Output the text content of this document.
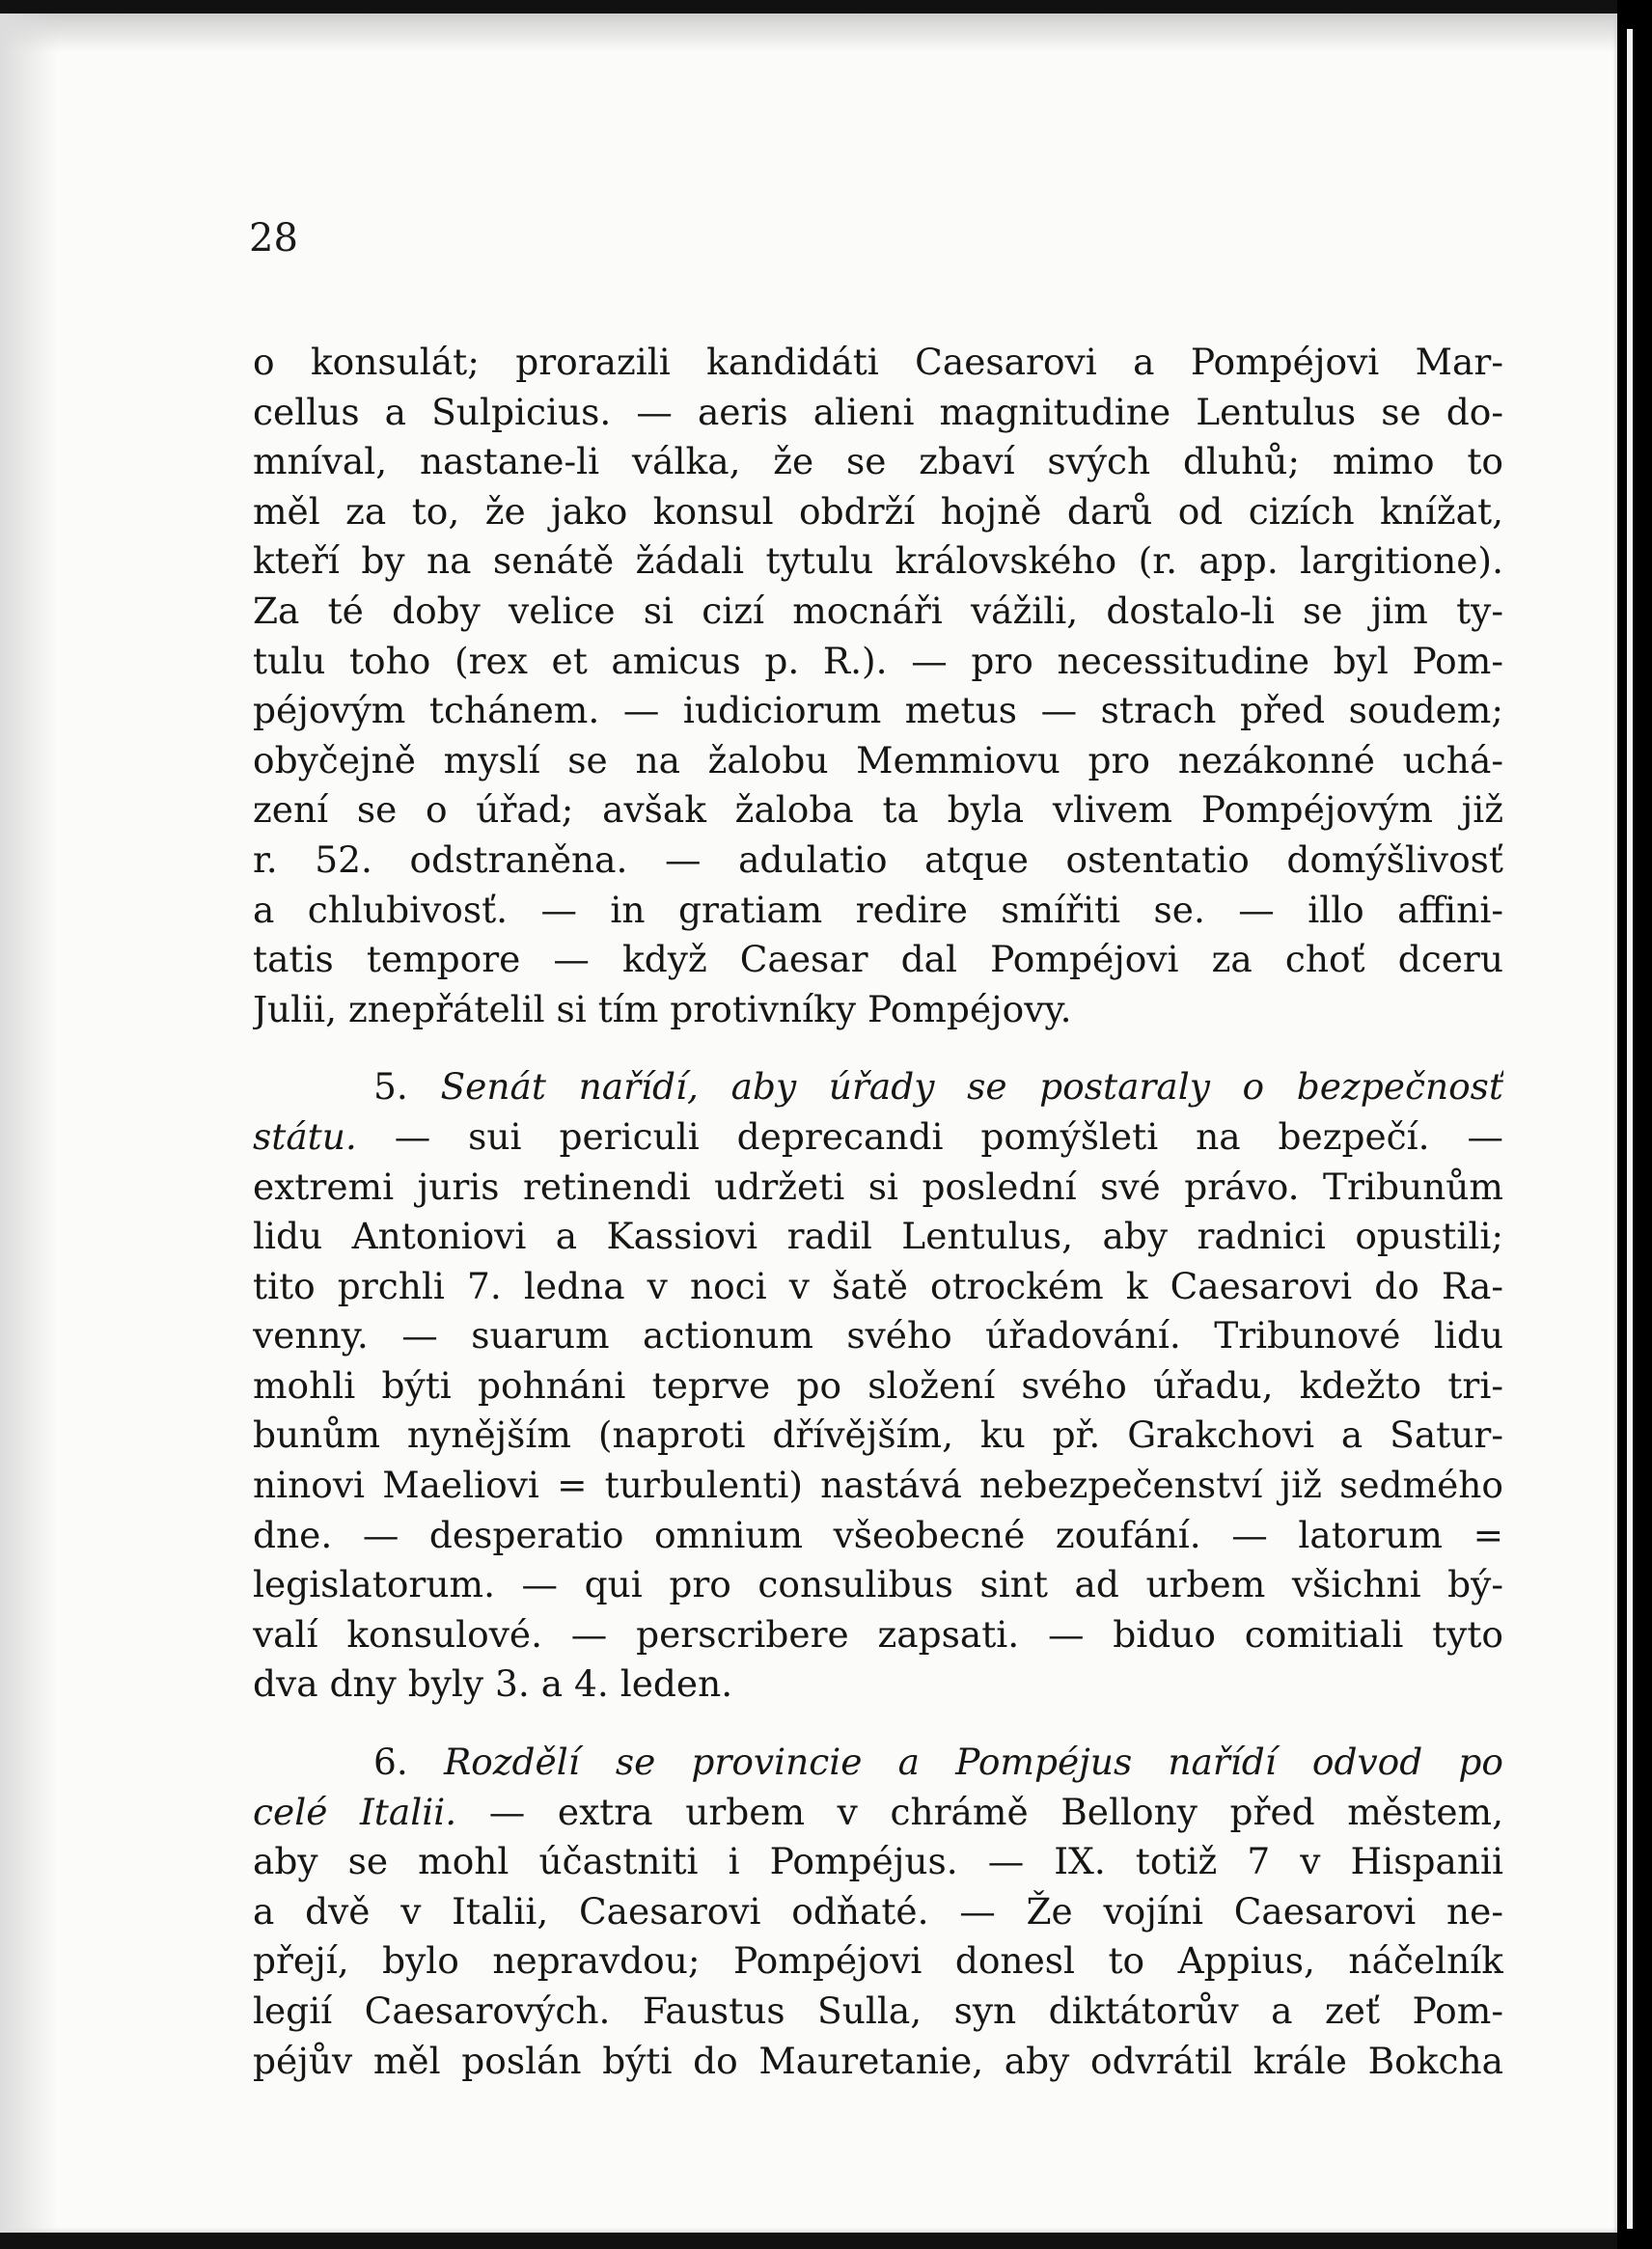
28
o konsulát; prorazili kandidáti Caesarovi a Pompéjovi Mar-
cellus a Sulpicius. — aeris alieni magnitudine Lentulus se do-
mníval, nastane-li válka, že se zbaví svých dluhů; mimo to
měl za to, že jako konsul obdrží hojně darů od cizích knížat,
kteří by na senátě žádali tytulu královského (r. app. largitione).
Za té doby velice si cizí mocnáři vážili, dostalo-li se jim ty-
tulu toho (rex et amicus p. R.). — pro necessitudine byl Pom-
péjovým tchánem. — iudiciorum metus — strach před soudem;
obyčejně myslí se na žalobu Memmiovu pro nezákonné uchá-
zení se o úřad; avšak žaloba ta byla vlivem Pompéjovým již
r. 52. odstraněna. — adulatio atque ostentatio domýšlivosť
a chlubivosť. — in gratiam redire smířiti se. — illo affini-
tatis tempore — když Caesar dal Pompéjovi za choť dceru
Julii, znepřátelil si tím protivníky Pompéjovy.
5. Senát nařídí, aby úřady se postaraly o bezpečnosť
státu. — sui periculi deprecandi pomýšleti na bezpečí. —
extremi juris retinendi udržeti si poslední své právo. Tribunům
lidu Antoniovi a Kassiovi radil Lentulus, aby radnici opustili;
tito prchli 7. ledna v noci v šatě otrockém k Caesarovi do Ra-
venny. — suarum actionum svého úřadování. Tribunové lidu
mohli býti pohnáni teprve po složení svého úřadu, kdežto tri-
bunům nynějším (naproti dřívějším, ku př. Grakchovi a Satur-
ninovi Maeliovi = turbulenti) nastává nebezpečenství již sedmého
dne. — desperatio omnium všeobecné zoufání. — latorum =
legislatorum. — qui pro consulibus sint ad urbem všichni bý-
valí konsulové. — perscribere zapsati. — biduo comitiali tyto
dva dny byly 3. a 4. leden.
6. Rozdělí se provincie a Pompéjus nařídí odvod po
celé Italii. — extra urbem v chrámě Bellony před městem,
aby se mohl účastniti i Pompéjus. — IX. totiž 7 v Hispanii
a dvě v Italii, Caesarovi odňaté. — Že vojíni Caesarovi ne-
přejí, bylo nepravdou; Pompéjovi donesl to Appius, náčelník
legií Caesarových. Faustus Sulla, syn diktátorův a zeť Pom-
péjův měl poslán býti do Mauretanie, aby odvrátil krále Bokcha
